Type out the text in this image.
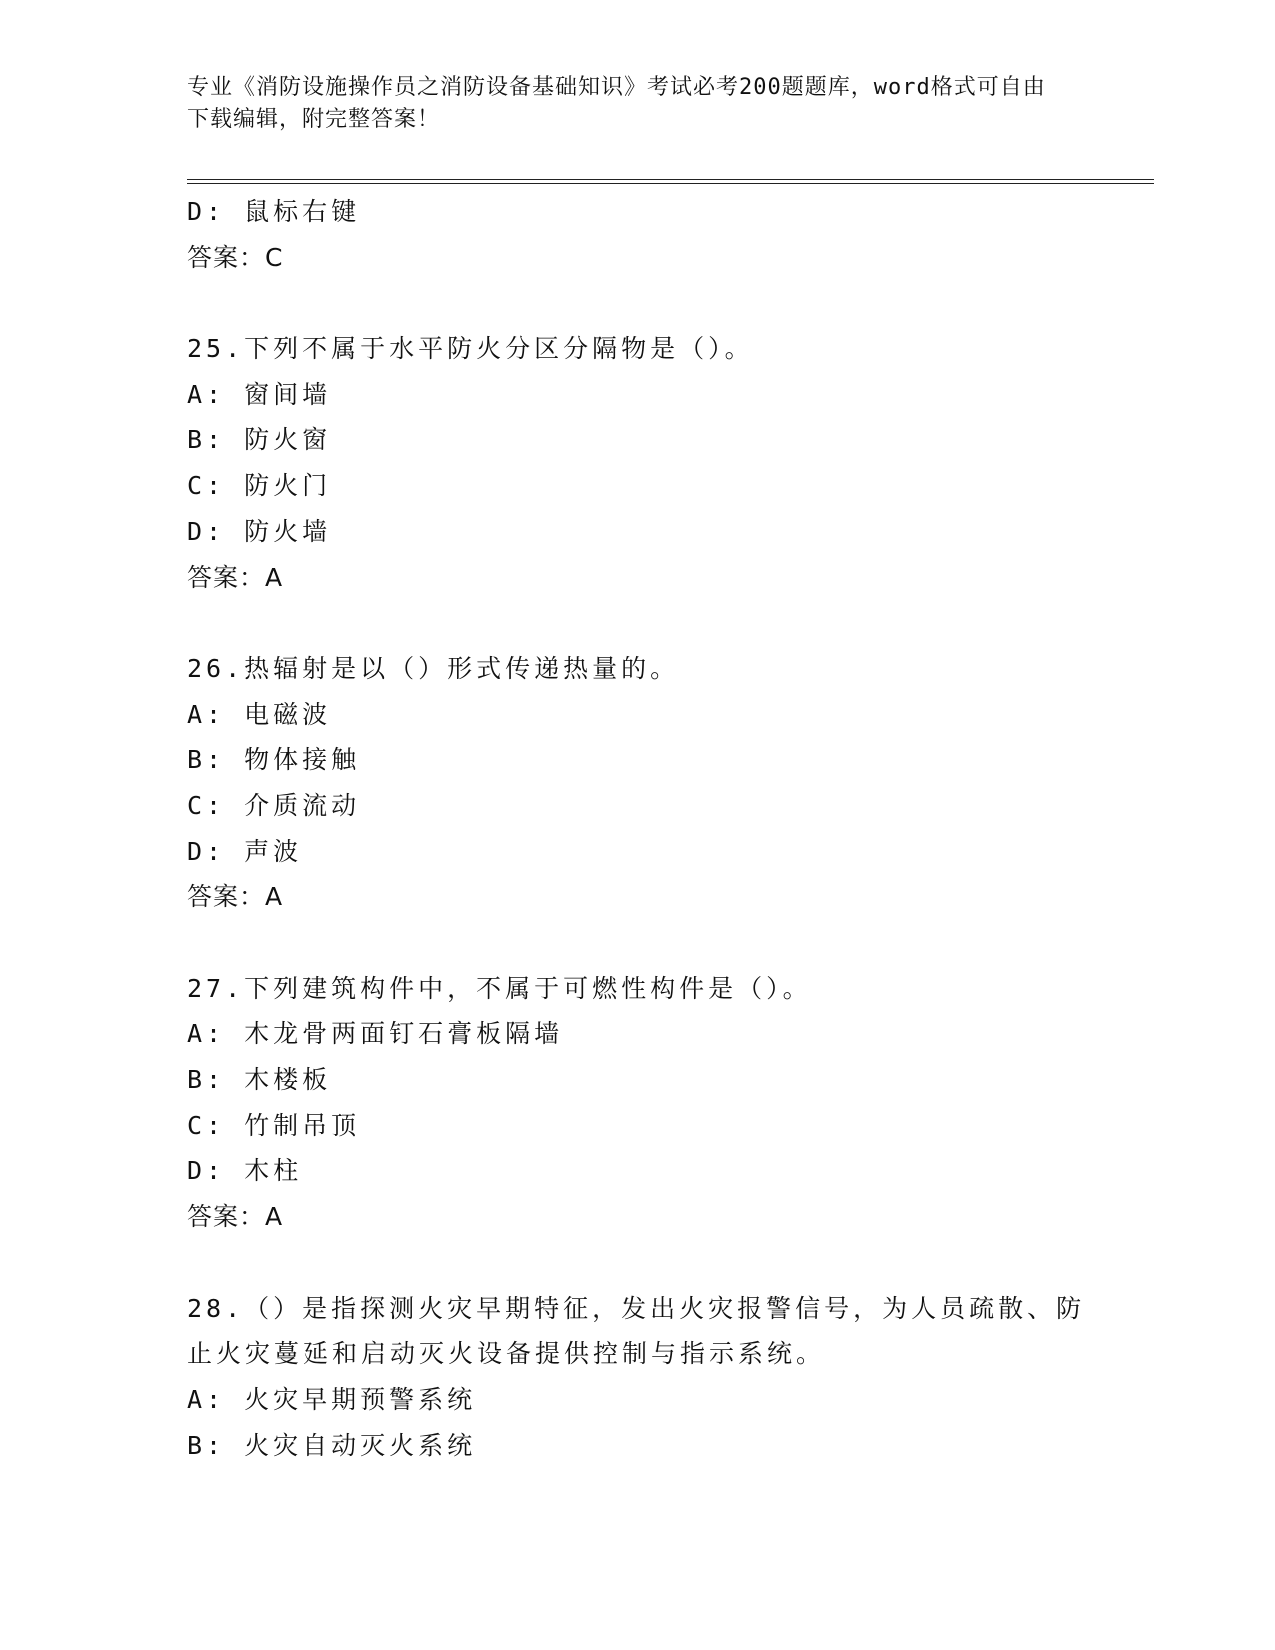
专业《消防设施操作员之消防设备基础知识》考试必考200题题库，word格式可自由下载编辑，附完整答案！
D: 鼠标右键
答案：C
25.下列不属于水平防火分区分隔物是（）。
A: 窗间墙
B: 防火窗
C: 防火门
D: 防火墙
答案：A
26.热辐射是以（）形式传递热量的。
A: 电磁波
B: 物体接触
C: 介质流动
D: 声波
答案：A
27.下列建筑构件中，不属于可燃性构件是（）。
A: 木龙骨两面钉石膏板隔墙
B: 木楼板
C: 竹制吊顶
D: 木柱
答案：A
28.（）是指探测火灾早期特征，发出火灾报警信号，为人员疏散、防止火灾蔓延和启动灭火设备提供控制与指示系统。
A: 火灾早期预警系统
B: 火灾自动灭火系统
